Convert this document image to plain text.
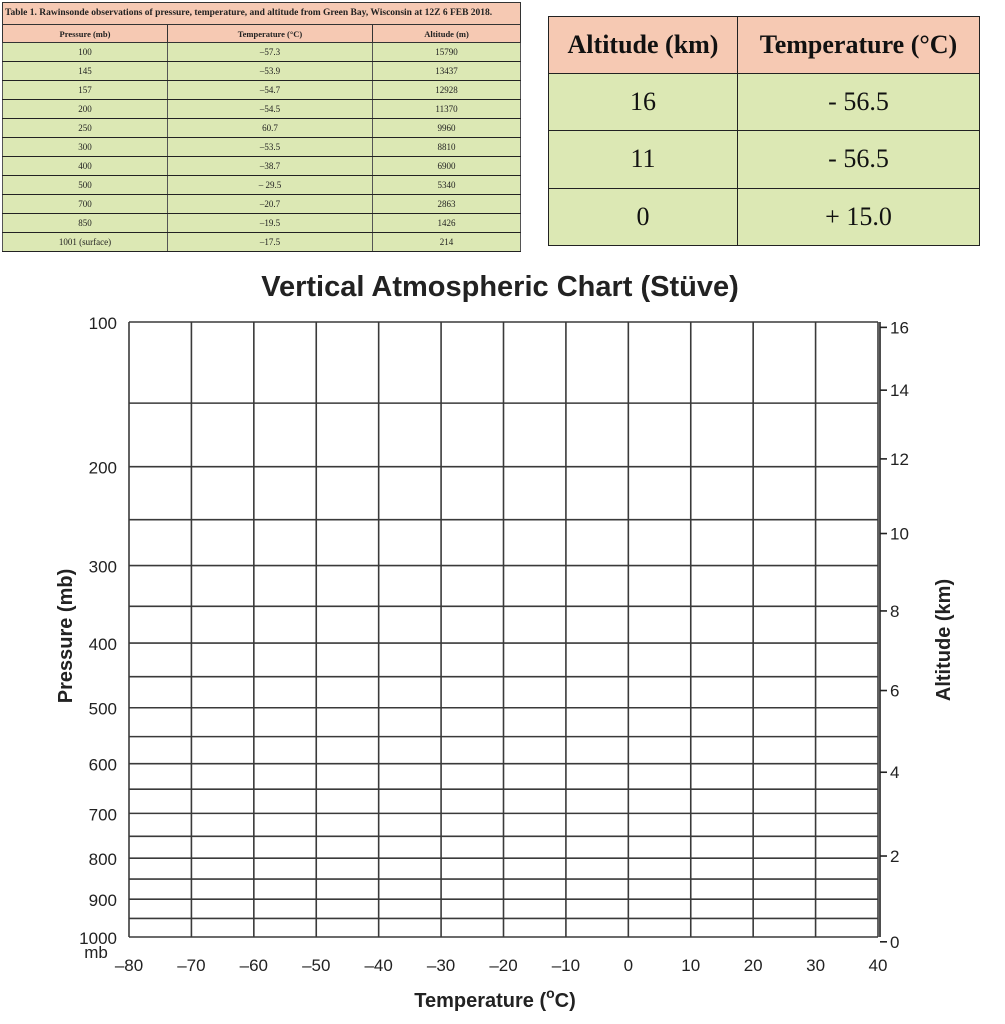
Table 1. Rawinsonde observations of pressure, temperature, and altitude from Green Bay, Wisconsin at 12Z 6 FEB 2018.
Pressure (mb)	Temperature (°C)	Altitude (m)
100	–57.3	15790
145	–53.9	13437
157	–54.7	12928
200	–54.5	11370
250	60.7	9960
300	–53.5	8810
400	–38.7	6900
500	– 29.5	5340
700	–20.7	2863
850	–19.5	1426
1001 (surface)	–17.5	214
Altitude (km)	Temperature (°C)
16	- 56.5
11	- 56.5
0	+ 15.0
Vertical Atmospheric Chart (Stüve)
Pressure (mb)	Altitude (km)
Temperature ($^o$C)
mb
100
200
300
400
500
600
700
800
900
1000
–80 –70 –60 –50 –40 –30 –20 –10	0	10	20	30	40
16
14
12
10
8
6
4
2
0
